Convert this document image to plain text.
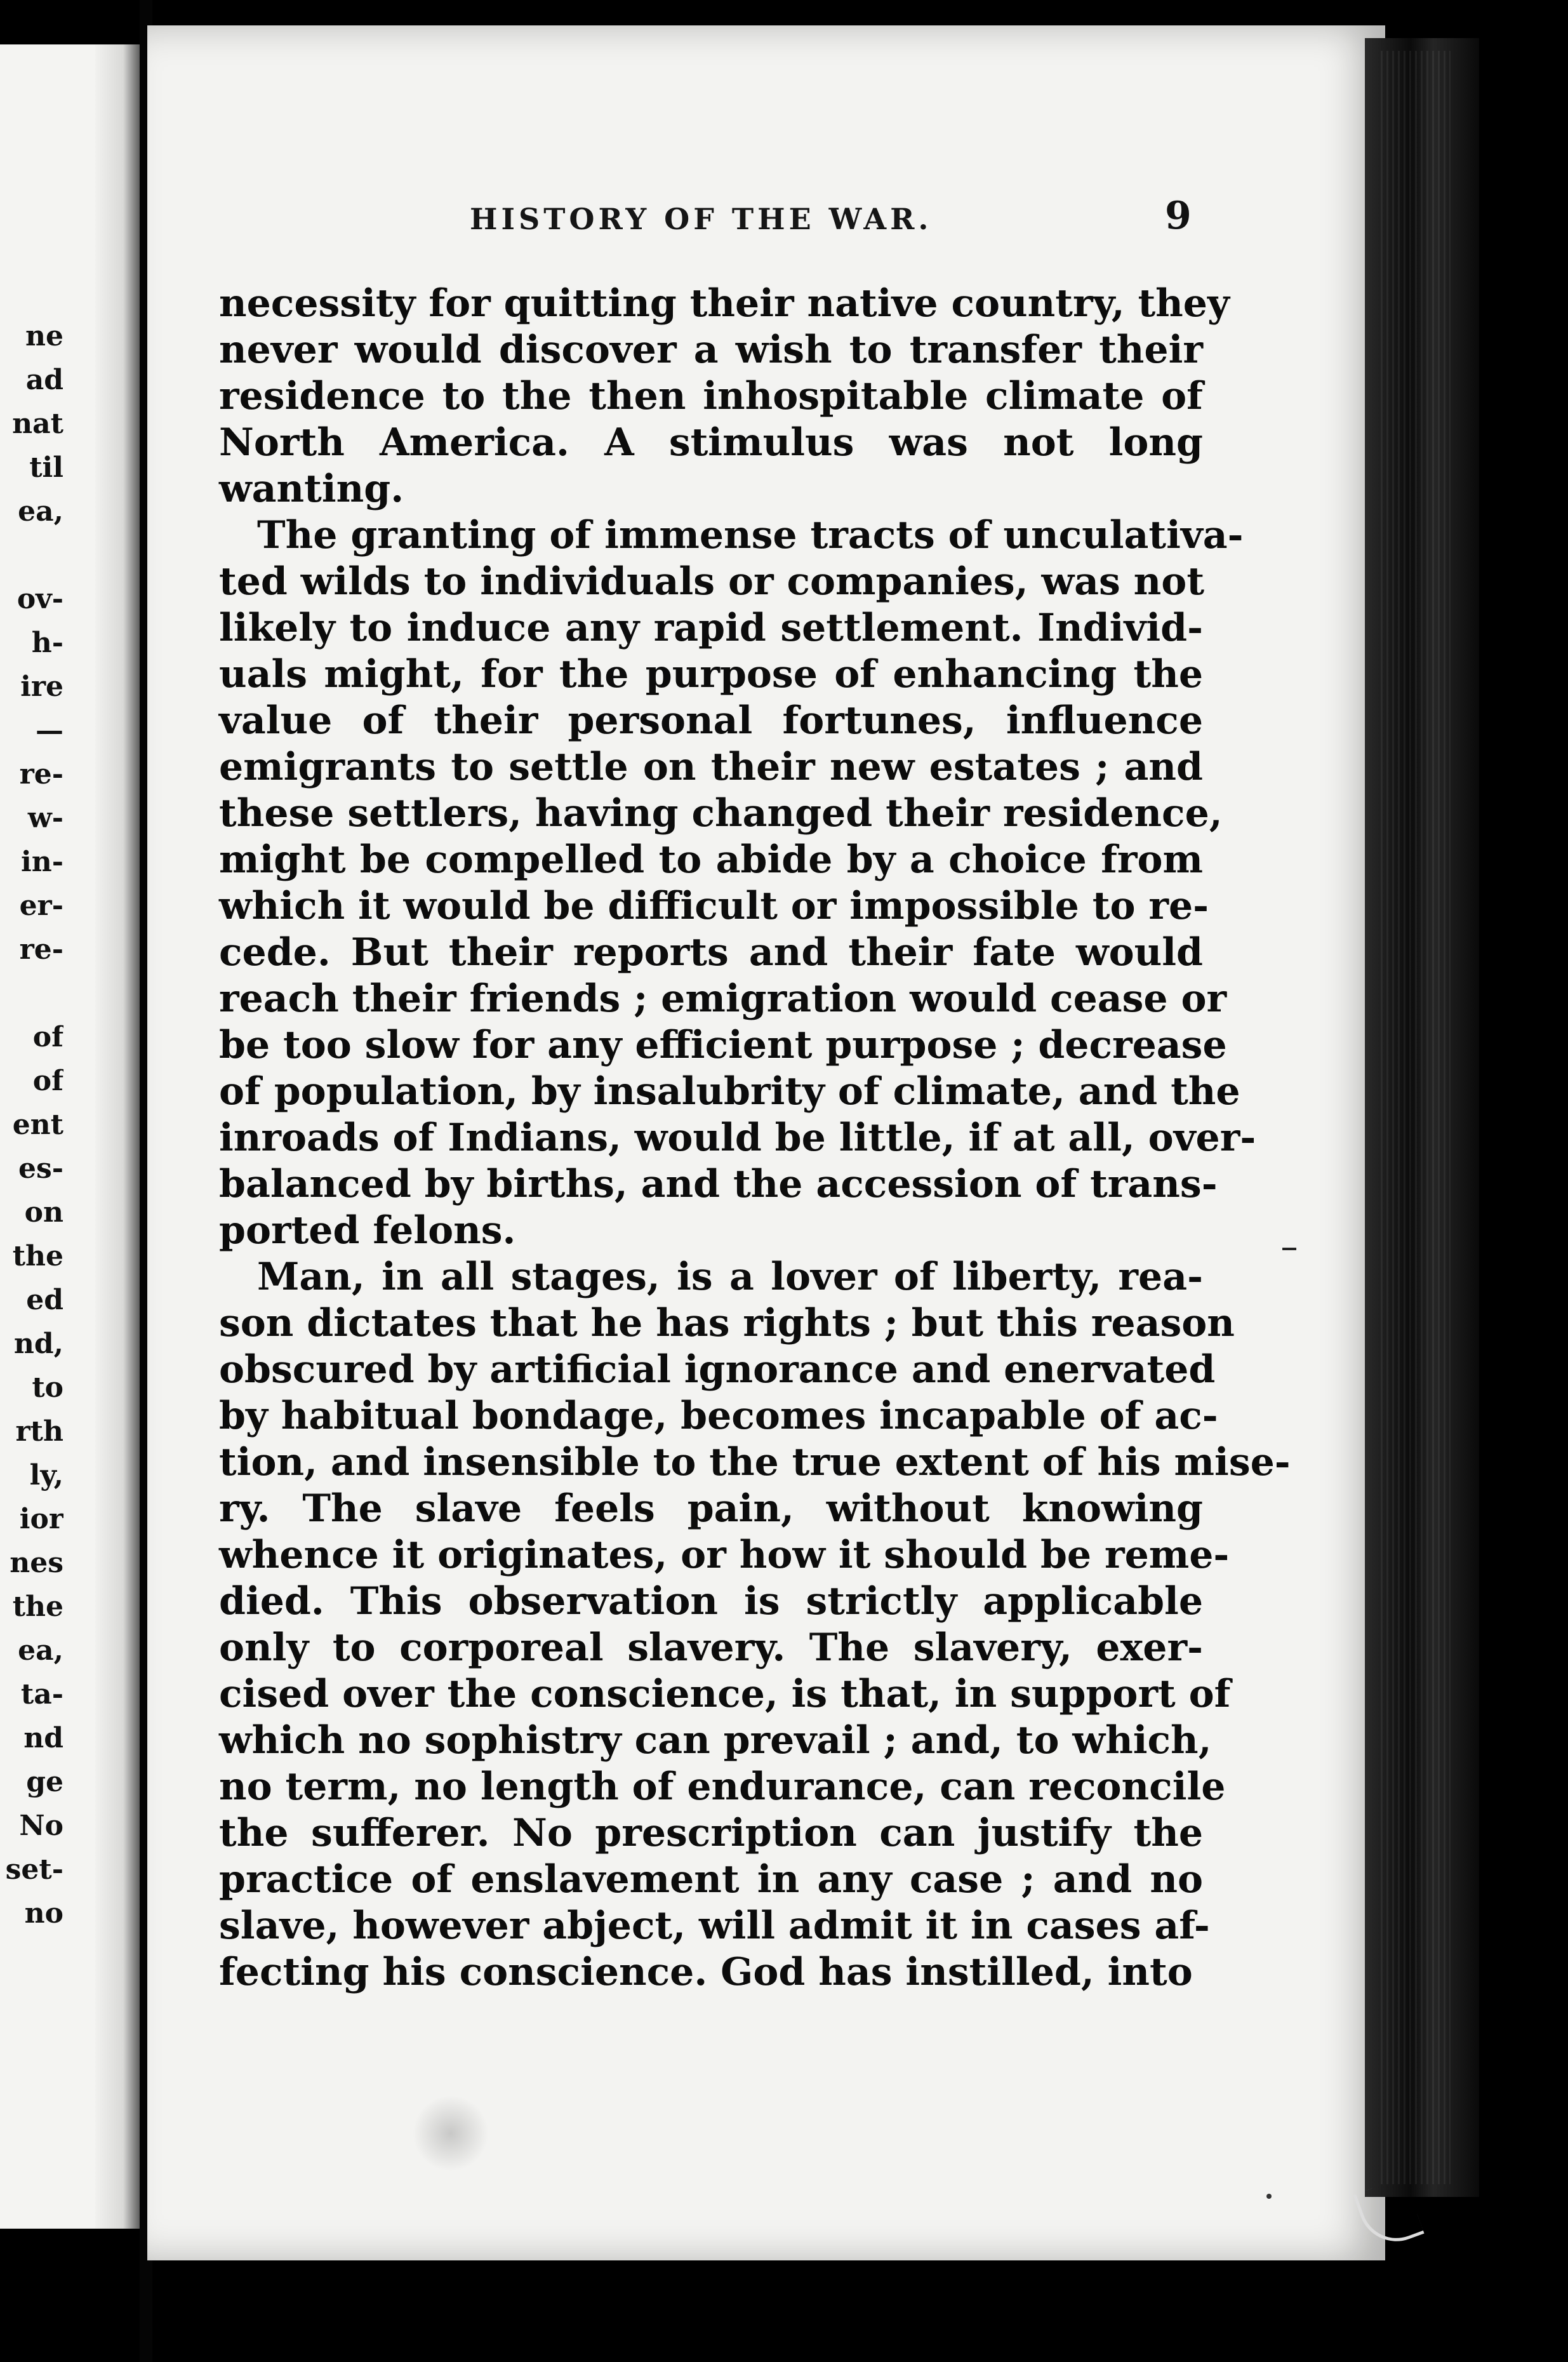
ne
ad
nat
til
ea,
ov-
h-
ire
—
re-
w-
in-
er-
re-
of
of
ent
es-
on
the
ed
nd,
to
rth
ly,
ior
nes
the
ea,
ta-
nd
ge
No
set-
no
HISTORY OF THE WAR.	9
necessity for quitting their native country, they
never would discover a wish to transfer their
residence to the then inhospitable climate of
North America. A stimulus was not long
wanting.
The granting of immense tracts of unculativa-
ted wilds to individuals or companies, was not
likely to induce any rapid settlement. Individ-
uals might, for the purpose of enhancing the
value of their personal fortunes, influence
emigrants to settle on their new estates ; and
these settlers, having changed their residence,
might be compelled to abide by a choice from
which it would be difficult or impossible to re-
cede. But their reports and their fate would
reach their friends ; emigration would cease or
be too slow for any efficient purpose ; decrease
of population, by insalubrity of climate, and the
inroads of Indians, would be little, if at all, over-
balanced by births, and the accession of trans-
ported felons.
Man, in all stages, is a lover of liberty, rea-
son dictates that he has rights ; but this reason
obscured by artificial ignorance and enervated
by habitual bondage, becomes incapable of ac-
tion, and insensible to the true extent of his mise-
ry. The slave feels pain, without knowing
whence it originates, or how it should be reme-
died. This observation is strictly applicable
only to corporeal slavery. The slavery, exer-
cised over the conscience, is that, in support of
which no sophistry can prevail ; and, to which,
no term, no length of endurance, can reconcile
the sufferer. No prescription can justify the
practice of enslavement in any case ; and no
slave, however abject, will admit it in cases af-
fecting his conscience. God has instilled, into
